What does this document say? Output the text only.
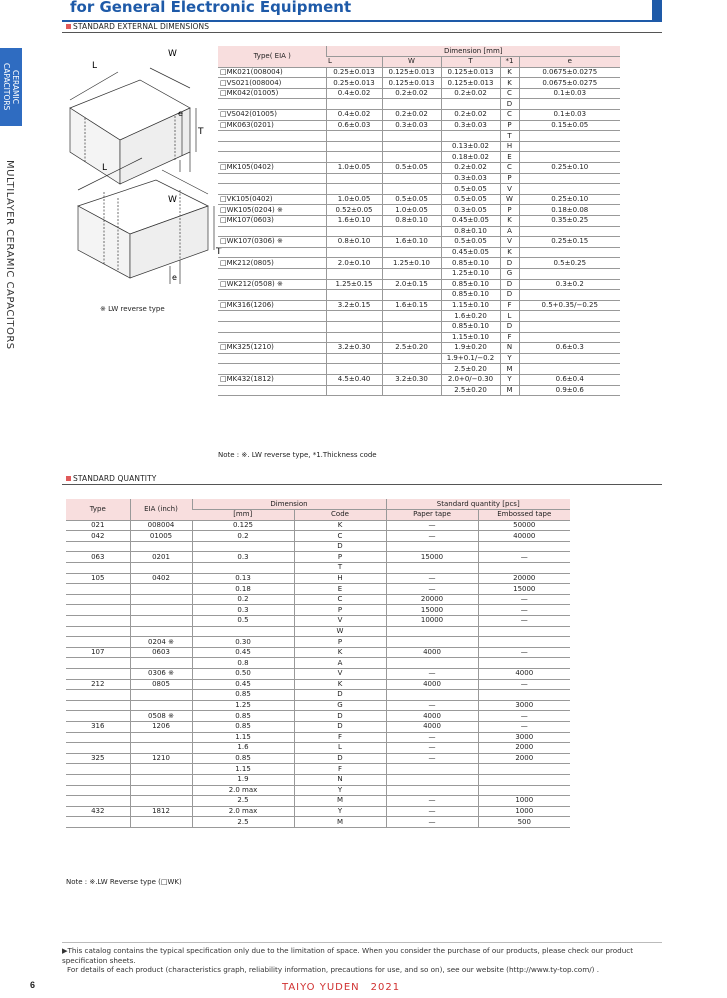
for General Electronic Equipment
CERAMIC CAPACITORS
MULTILAYER CERAMIC CAPACITORS
STANDARD EXTERNAL DIMENSIONS
L
W
T
e
L
W
T
e
※ LW reverse type
Type( EIA )	Dimension [mm]				
	L	W	T	*1	e
□MK021(008004)	0.25±0.013	0.125±0.013	0.125±0.013	K	0.0675±0.0275
□VS021(008004)	0.25±0.013	0.125±0.013	0.125±0.013	K	0.0675±0.0275
□MK042(01005)	0.4±0.02	0.2±0.02	0.2±0.02	C	0.1±0.03
				D	
□VS042(01005)	0.4±0.02	0.2±0.02	0.2±0.02	C	0.1±0.03
□MK063(0201)	0.6±0.03	0.3±0.03	0.3±0.03	P	0.15±0.05
				T	
			0.13±0.02	H	
			0.18±0.02	E	
□MK105(0402)	1.0±0.05	0.5±0.05	0.2±0.02	C	0.25±0.10
			0.3±0.03	P	
			0.5±0.05	V	
□VK105(0402)	1.0±0.05	0.5±0.05	0.5±0.05	W	0.25±0.10
□WK105(0204) ※	0.52±0.05	1.0±0.05	0.3±0.05	P	0.18±0.08
□MK107(0603)	1.6±0.10	0.8±0.10	0.45±0.05	K	0.35±0.25
			0.8±0.10	A	
□WK107(0306) ※	0.8±0.10	1.6±0.10	0.5±0.05	V	0.25±0.15
			0.45±0.05	K	
□MK212(0805)	2.0±0.10	1.25±0.10	0.85±0.10	D	0.5±0.25
			1.25±0.10	G	
□WK212(0508) ※	1.25±0.15	2.0±0.15	0.85±0.10	D	0.3±0.2
			0.85±0.10	D	
□MK316(1206)	3.2±0.15	1.6±0.15	1.15±0.10	F	0.5+0.35/−0.25
			1.6±0.20	L	
			0.85±0.10	D	
			1.15±0.10	F	
□MK325(1210)	3.2±0.30	2.5±0.20	1.9±0.20	N	0.6±0.3
			1.9+0.1/−0.2	Y	
			2.5±0.20	M	
□MK432(1812)	4.5±0.40	3.2±0.30	2.0+0/−0.30	Y	0.6±0.4
			2.5±0.20	M	0.9±0.6
Note : ※. LW reverse type, *1.Thickness code
STANDARD QUANTITY
Type	EIA (inch)	Dimension		Standard quantity [pcs]	
		[mm]	Code	Paper tape	Embossed tape
021	008004	0.125	K	—	50000
042	01005	0.2	C	—	40000
			D		
063	0201	0.3	P	15000	—
			T		
105	0402	0.13	H	—	20000
		0.18	E	—	15000
		0.2	C	20000	—
		0.3	P	15000	—
		0.5	V	10000	—
			W		
	0204 ※	0.30	P		
107	0603	0.45	K	4000	—
		0.8	A		
	0306 ※	0.50	V	—	4000
212	0805	0.45	K	4000	—
		0.85	D		
		1.25	G	—	3000
	0508 ※	0.85	D	4000	—
316	1206	0.85	D	4000	—
		1.15	F	—	3000
		1.6	L	—	2000
325	1210	0.85	D	—	2000
		1.15	F		
		1.9	N		
		2.0 max	Y		
		2.5	M	—	1000
432	1812	2.0 max	Y	—	1000
		2.5	M	—	500
Note : ※.LW Reverse type (□WK)
▶This catalog contains the typical specification only due to the limitation of space. When you consider the purchase of our products, please check our product specification sheets.
For details of each product (characteristics graph, reliability information, precautions for use, and so on), see our website (http://www.ty-top.com/) .
6	TAIYO YUDEN　2021
